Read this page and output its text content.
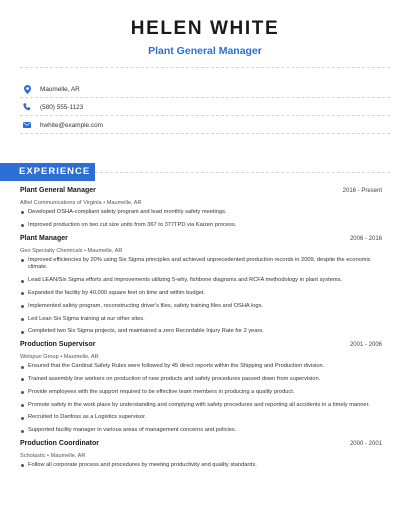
HELEN WHITE
Plant General Manager
Maumelle, AR
(580) 555-1123
hwhite@example.com
EXPERIENCE
Plant General Manager	2016 - Present
Alltel Communications of Virginia • Maumelle, AR
Developed OSHA-compliant safety program and lead monthly safety meetings.
Improved production on two cut size units from 367 to 377TPD via Kaizen process.
Plant Manager	2006 - 2016
Geo Specialty Chemicals • Maumelle, AR
Improved efficiencies by 20% using Six Sigma principles and achieved unprecedented production records in 2009, despite the economic climate.
Lead LEAN/Six Sigma efforts and improvements utilizing 5-why, fishbone diagrams and RCFA methodology in plant systems.
Expanded the facility by 40,000 square feet on time and within budget.
Implemented safety program, reconstructing driver's files, safety training files and OSHA logs.
Led Lean Six Sigma training at our other sites.
Completed two Six Sigma projects, and maintained a zero Recordable Injury Rate for 2 years.
Production Supervisor	2001 - 2006
Welspun Group • Maumelle, AR
Ensured that the Cardinal Safety Rules were followed by 45 direct reports within the Shipping and Production division.
Trained assembly line workers on production of new products and safety procedures passed down from supervision.
Provide employees with the support required to be effective team members in producing a quality product.
Promote safety in the work place by understanding and complying with safety procedures and reporting all accidents in a timely manner.
Recruited to Danfoss as a Logistics supervisor.
Supported facility manager in various areas of management concerns and policies.
Production Coordinator	2000 - 2001
Scholastic • Maumelle, AR
Follow all corporate process and procedures by meeting productivity and quality standards.
